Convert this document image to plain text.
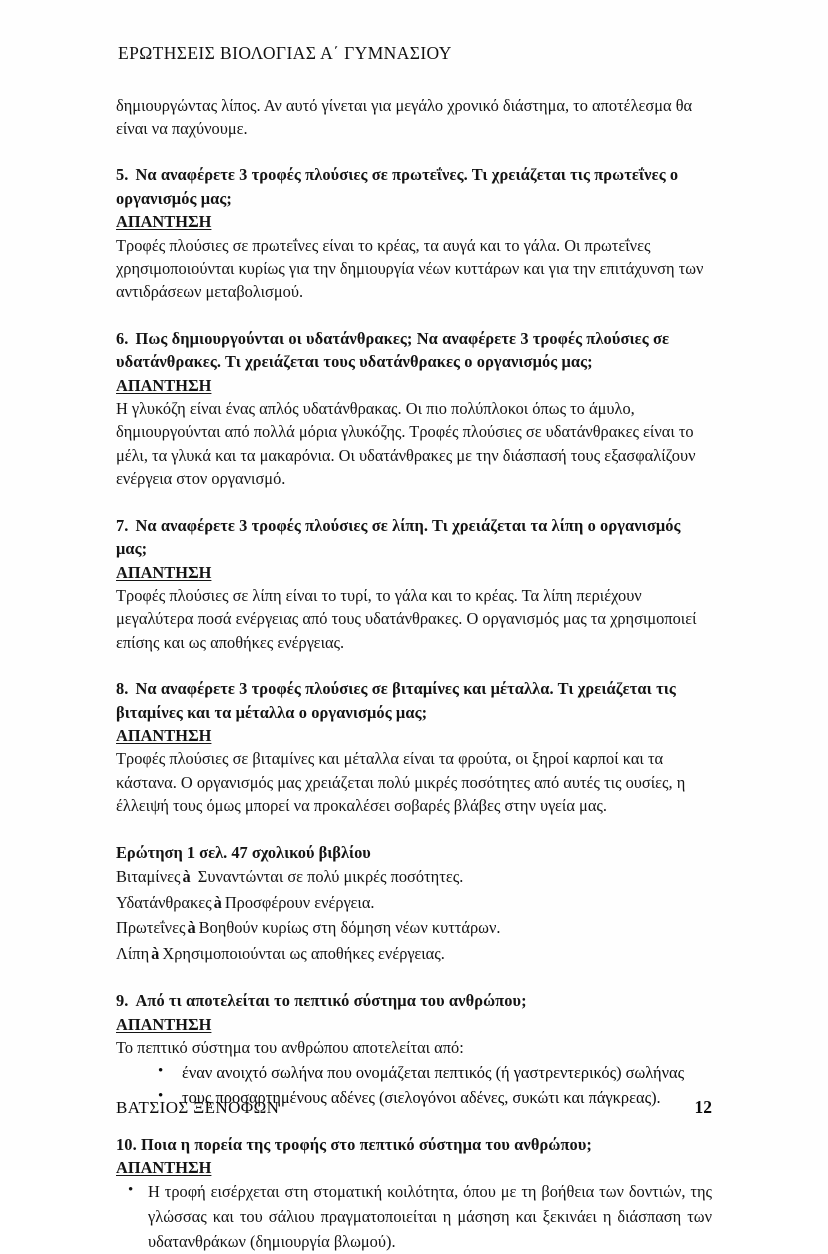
ΕΡΩΤΗΣΕΙΣ ΒΙΟΛΟΓΙΑΣ Α΄ ΓΥΜΝΑΣΙΟΥ

δημιουργώντας λίπος. Αν αυτό γίνεται για μεγάλο χρονικό διάστημα, το αποτέλεσμα θα είναι να παχύνουμε.

5. Να αναφέρετε 3 τροφές πλούσιες σε πρωτεΐνες. Τι χρειάζεται τις πρωτεΐνες ο οργανισμός μας;

ΑΠΑΝΤΗΣΗ

Τροφές πλούσιες σε πρωτεΐνες είναι το κρέας, τα αυγά και το γάλα. Οι πρωτεΐνες χρησιμοποιούνται κυρίως για την δημιουργία νέων κυττάρων και για την επιτάχυνση των αντιδράσεων μεταβολισμού.

6. Πως δημιουργούνται οι υδατάνθρακες; Να αναφέρετε 3 τροφές πλούσιες σε υδατάνθρακες. Τι χρειάζεται τους υδατάνθρακες ο οργανισμός μας;

ΑΠΑΝΤΗΣΗ

Η γλυκόζη είναι ένας απλός υδατάνθρακας. Οι πιο πολύπλοκοι όπως το άμυλο, δημιουργούνται από πολλά μόρια γλυκόζης. Τροφές πλούσιες σε υδατάνθρακες είναι το μέλι, τα γλυκά και τα μακαρόνια. Οι υδατάνθρακες με την διάσπασή τους εξασφαλίζουν ενέργεια στον οργανισμό.

7. Να αναφέρετε 3 τροφές πλούσιες σε λίπη. Τι χρειάζεται τα λίπη ο οργανισμός μας;

ΑΠΑΝΤΗΣΗ

Τροφές πλούσιες σε λίπη είναι το τυρί, το γάλα και το κρέας. Τα λίπη περιέχουν μεγαλύτερα ποσά ενέργειας από τους υδατάνθρακες. Ο οργανισμός μας τα χρησιμοποιεί επίσης και ως αποθήκες ενέργειας.

8. Να αναφέρετε 3 τροφές πλούσιες σε βιταμίνες και μέταλλα. Τι χρειάζεται τις βιταμίνες και τα μέταλλα ο οργανισμός μας;

ΑΠΑΝΤΗΣΗ

Τροφές πλούσιες σε βιταμίνες και μέταλλα είναι τα φρούτα, οι ξηροί καρποί και τα κάστανα. Ο οργανισμός μας χρειάζεται πολύ μικρές ποσότητες από αυτές τις ουσίες, η έλλειψή τους όμως μπορεί να προκαλέσει σοβαρές βλάβες στην υγεία μας.

Ερώτηση 1 σελ. 47 σχολικού βιβλίου

Βιταμίνες à Συναντώνται σε πολύ μικρές ποσότητες.

Υδατάνθρακες à Προσφέρουν ενέργεια.

Πρωτεΐνες à Βοηθούν κυρίως στη δόμηση νέων κυττάρων.

Λίπη à Χρησιμοποιούνται ως αποθήκες ενέργειας.

9. Από τι αποτελείται το πεπτικό σύστημα του ανθρώπου;

ΑΠΑΝΤΗΣΗ

Το πεπτικό σύστημα του ανθρώπου αποτελείται από:

• έναν ανοιχτό σωλήνα που ονομάζεται πεπτικός (ή γαστρεντερικός) σωλήνας
• τους προσαρτημένους αδένες (σιελογόνοι αδένες, συκώτι και πάγκρεας).

10. Ποια η πορεία της τροφής στο πεπτικό σύστημα του ανθρώπου;

ΑΠΑΝΤΗΣΗ

• Η τροφή εισέρχεται στη στοματική κοιλότητα, όπου με τη βοήθεια των δοντιών, της γλώσσας και του σάλιου πραγματοποιείται η μάσηση και ξεκινάει η διάσπαση των υδατανθράκων (δημιουργία βλωμού).

ΒΑΤΣΙΟΣ ΞΕΝΟΦΩΝ	12
